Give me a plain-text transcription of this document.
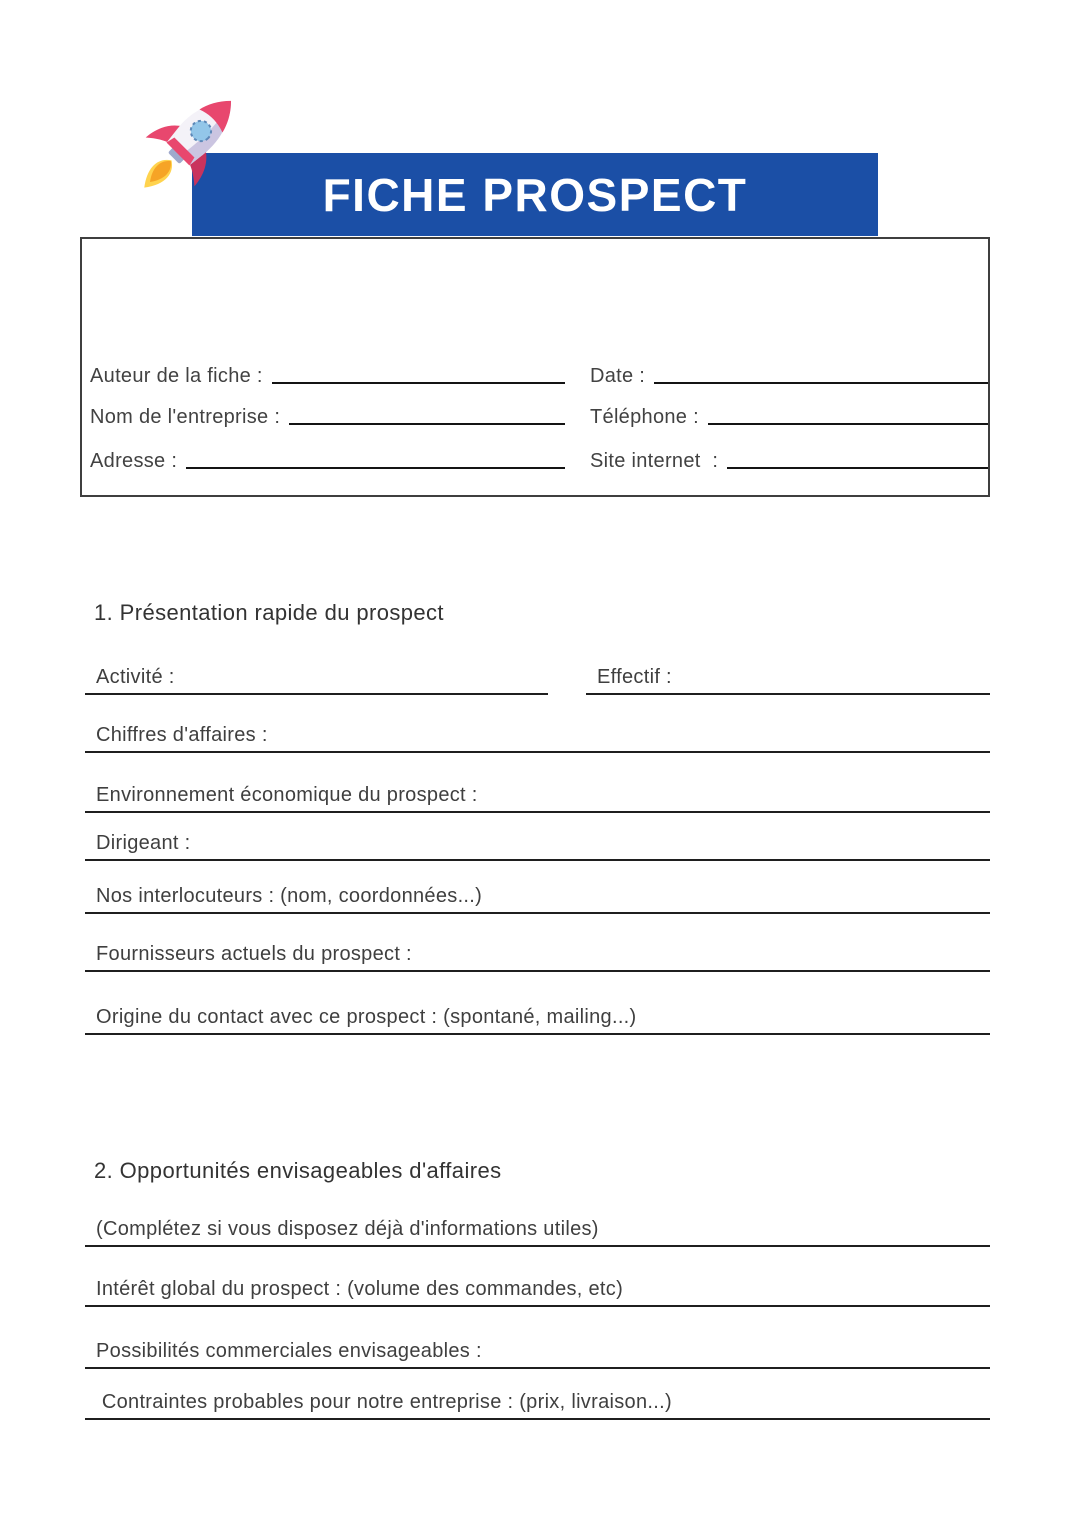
FICHE PROSPECT
Auteur de la fiche :	Date :
Nom de l'entreprise :	Téléphone :
Adresse :	Site internet  :
1. Présentation rapide du prospect
Activité :	Effectif :
Chiffres d'affaires :
Environnement économique du prospect :
Dirigeant :
Nos interlocuteurs : (nom, coordonnées...)
Fournisseurs actuels du prospect :
Origine du contact avec ce prospect : (spontané, mailing...)
2. Opportunités envisageables d'affaires
(Complétez si vous disposez déjà d'informations utiles)
Intérêt global du prospect : (volume des commandes, etc)
Possibilités commerciales envisageables :
Contraintes probables pour notre entreprise : (prix, livraison...)
